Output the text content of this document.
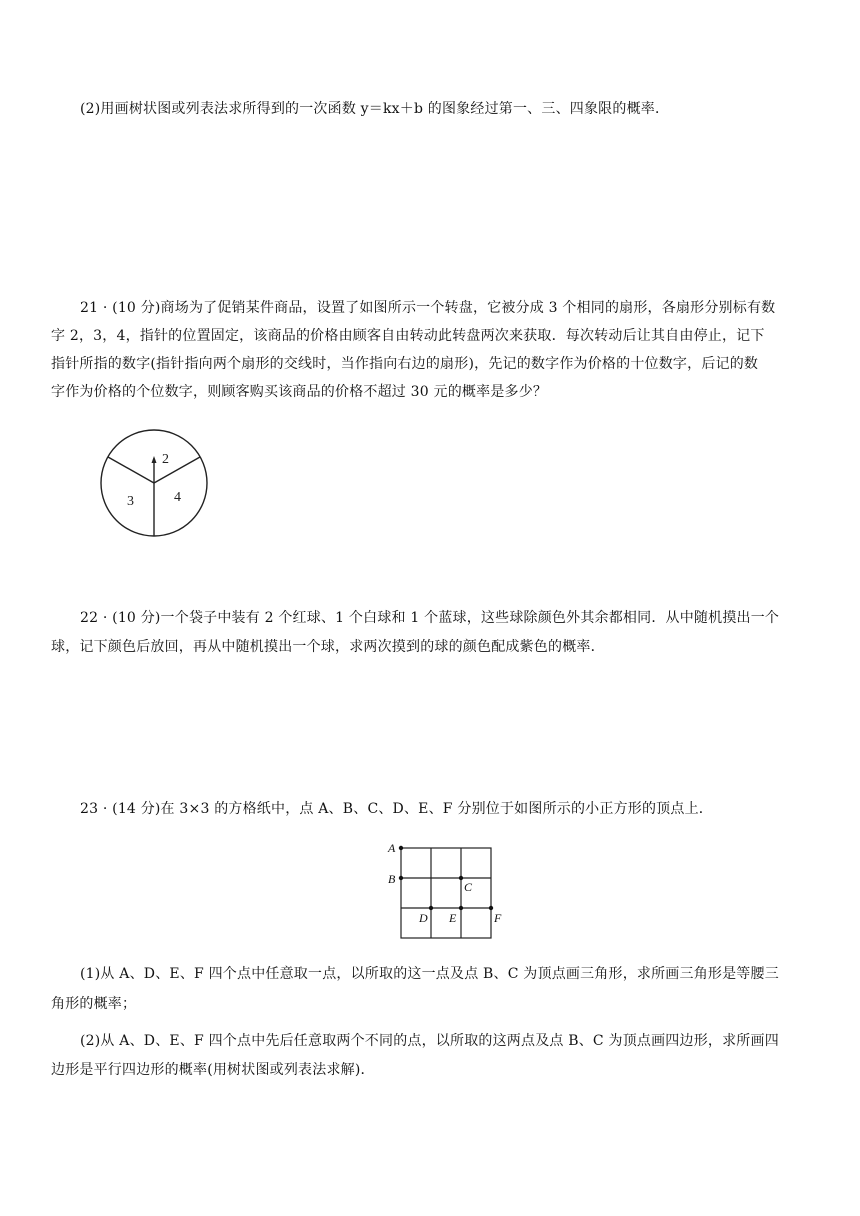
(2)用画树状图或列表法求所得到的一次函数 y＝kx＋b 的图象经过第一、三、四象限的概率．
21 · (10 分)商场为了促销某件商品，设置了如图所示一个转盘，它被分成 3 个相同的扇形，各扇形分别标有数
字 2，3，4，指针的位置固定，该商品的价格由顾客自由转动此转盘两次来获取．每次转动后让其自由停止，记下
指针所指的数字(指针指向两个扇形的交线时，当作指向右边的扇形)，先记的数字作为价格的十位数字，后记的数
字作为价格的个位数字，则顾客购买该商品的价格不超过 30 元的概率是多少？
2
3	4
22 · (10 分)一个袋子中装有 2 个红球、1 个白球和 1 个蓝球，这些球除颜色外其余都相同．从中随机摸出一个
球，记下颜色后放回，再从中随机摸出一个球，求两次摸到的球的颜色配成紫色的概率．
23 · (14 分)在 3×3 的方格纸中，点 A、B、C、D、E、F 分别位于如图所示的小正方形的顶点上．
A
B
C
D E	F
(1)从 A、D、E、F 四个点中任意取一点，以所取的这一点及点 B、C 为顶点画三角形，求所画三角形是等腰三
角形的概率；
(2)从 A、D、E、F 四个点中先后任意取两个不同的点，以所取的这两点及点 B、C 为顶点画四边形，求所画四
边形是平行四边形的概率(用树状图或列表法求解)．
